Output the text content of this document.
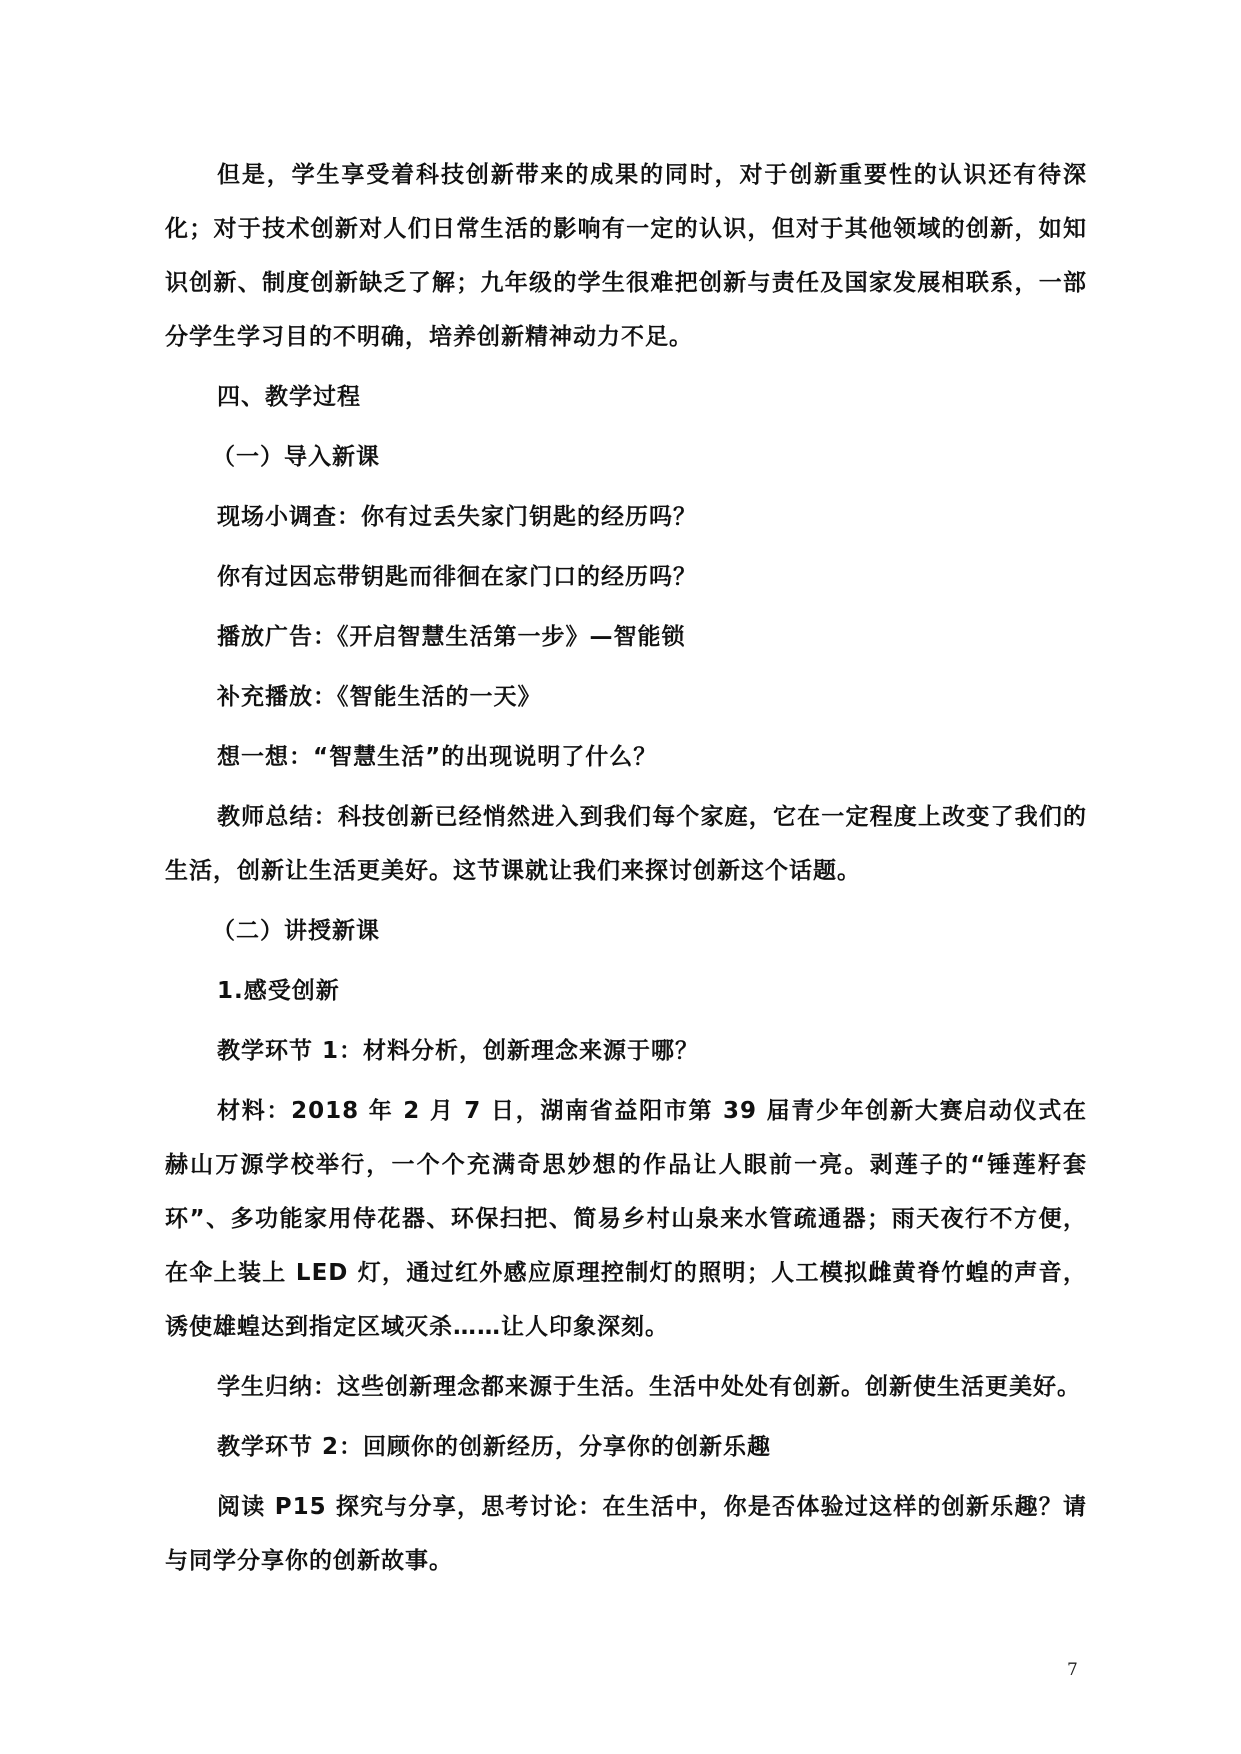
但是，学生享受着科技创新带来的成果的同时，对于创新重要性的认识还有待深化；对于技术创新对人们日常生活的影响有一定的认识，但对于其他领域的创新，如知识创新、制度创新缺乏了解；九年级的学生很难把创新与责任及国家发展相联系，一部分学生学习目的不明确，培养创新精神动力不足。

四、教学过程

（一）导入新课

现场小调查：你有过丢失家门钥匙的经历吗？

你有过因忘带钥匙而徘徊在家门口的经历吗？

播放广告：《开启智慧生活第一步》—智能锁

补充播放：《智能生活的一天》

想一想：“智慧生活”的出现说明了什么？

教师总结：科技创新已经悄然进入到我们每个家庭，它在一定程度上改变了我们的生活，创新让生活更美好。这节课就让我们来探讨创新这个话题。

（二）讲授新课

1.感受创新

教学环节 1：材料分析，创新理念来源于哪？

材料：2018 年 2 月 7 日，湖南省益阳市第 39 届青少年创新大赛启动仪式在赫山万源学校举行，一个个充满奇思妙想的作品让人眼前一亮。剥莲子的“锤莲籽套环”、多功能家用侍花器、环保扫把、简易乡村山泉来水管疏通器；雨天夜行不方便，在伞上装上 LED 灯，通过红外感应原理控制灯的照明；人工模拟雌黄脊竹蝗的声音，诱使雄蝗达到指定区域灭杀……让人印象深刻。

学生归纳：这些创新理念都来源于生活。生活中处处有创新。创新使生活更美好。

教学环节 2：回顾你的创新经历，分享你的创新乐趣

阅读 P15 探究与分享，思考讨论：在生活中，你是否体验过这样的创新乐趣？请与同学分享你的创新故事。

7
